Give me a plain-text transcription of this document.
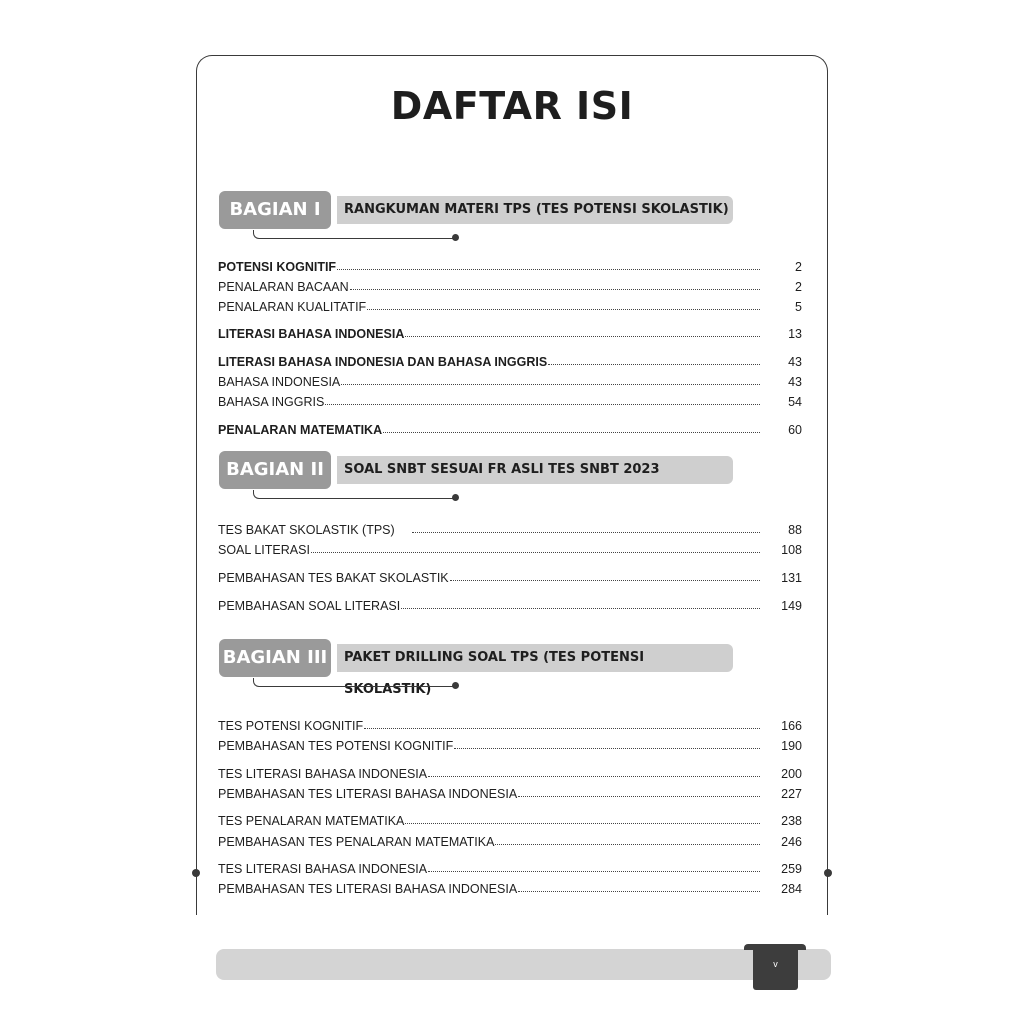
DAFTAR ISI
RANGKUMAN MATERI TPS (TES POTENSI SKOLASTIK)
BAGIAN I
SOAL SNBT SESUAI FR ASLI TES SNBT 2023
BAGIAN II
PAKET DRILLING SOAL TPS (TES POTENSI SKOLASTIK)
BAGIAN III
POTENSI KOGNITIF	2
PENALARAN BACAAN	2
PENALARAN KUALITATIF	5
LITERASI BAHASA INDONESIA	13
LITERASI BAHASA INDONESIA DAN BAHASA INGGRIS	43
BAHASA INDONESIA	43
BAHASA INGGRIS	54
PENALARAN MATEMATIKA	60
TES BAKAT SKOLASTIK (TPS)	88
SOAL LITERASI	108
PEMBAHASAN TES BAKAT SKOLASTIK	131
PEMBAHASAN SOAL LITERASI	149
TES POTENSI KOGNITIF	166
PEMBAHASAN TES POTENSI KOGNITIF	190
TES LITERASI BAHASA INDONESIA	200
PEMBAHASAN TES LITERASI BAHASA INDONESIA	227
TES PENALARAN MATEMATIKA	238
PEMBAHASAN TES PENALARAN MATEMATIKA	246
TES LITERASI BAHASA INDONESIA	259
PEMBAHASAN TES LITERASI BAHASA INDONESIA	284
v
